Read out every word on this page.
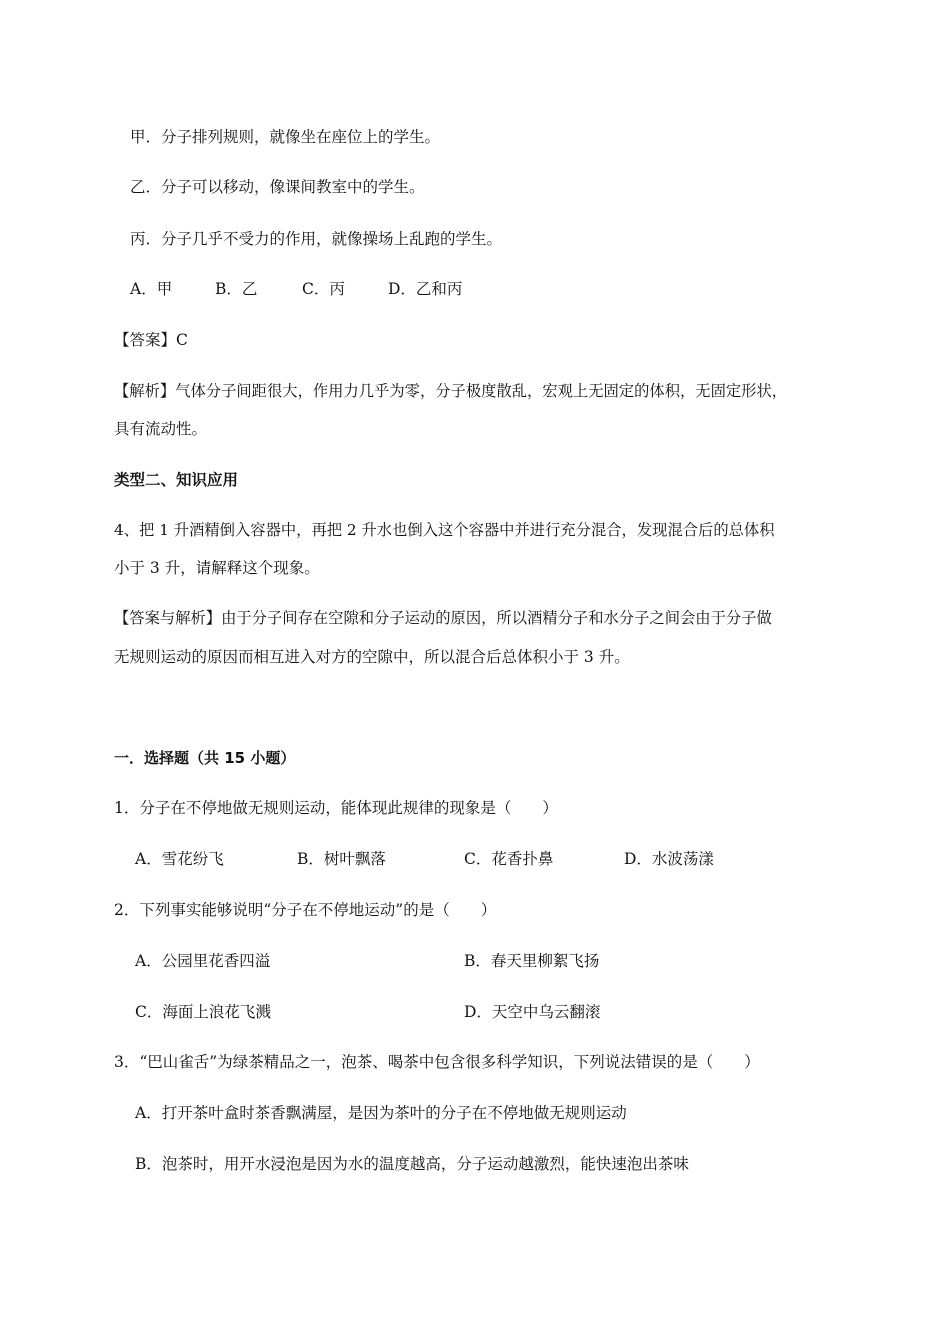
甲．分子排列规则，就像坐在座位上的学生。
乙．分子可以移动，像课间教室中的学生。
丙．分子几乎不受力的作用，就像操场上乱跑的学生。
A．甲	B．乙	C．丙	D．乙和丙
【答案】C
【解析】气体分子间距很大，作用力几乎为零，分子极度散乱，宏观上无固定的体积，无固定形状，
具有流动性。
类型二、知识应用
4、把 1 升酒精倒入容器中，再把 2 升水也倒入这个容器中并进行充分混合，发现混合后的总体积
小于 3 升，请解释这个现象。
【答案与解析】由于分子间存在空隙和分子运动的原因，所以酒精分子和水分子之间会由于分子做
无规则运动的原因而相互进入对方的空隙中，所以混合后总体积小于 3 升。
一．选择题（共 15 小题）
1．分子在不停地做无规则运动，能体现此规律的现象是（　　）
A．雪花纷飞	B．树叶飘落	C．花香扑鼻	D．水波荡漾
2．下列事实能够说明“分子在不停地运动”的是（　　）
A．公园里花香四溢	B．春天里柳絮飞扬
C．海面上浪花飞溅	D．天空中乌云翻滚
3．“巴山雀舌”为绿茶精品之一，泡茶、喝茶中包含很多科学知识，下列说法错误的是（　　）
A．打开茶叶盒时茶香飘满屋，是因为茶叶的分子在不停地做无规则运动
B．泡茶时，用开水浸泡是因为水的温度越高，分子运动越激烈，能快速泡出茶味
